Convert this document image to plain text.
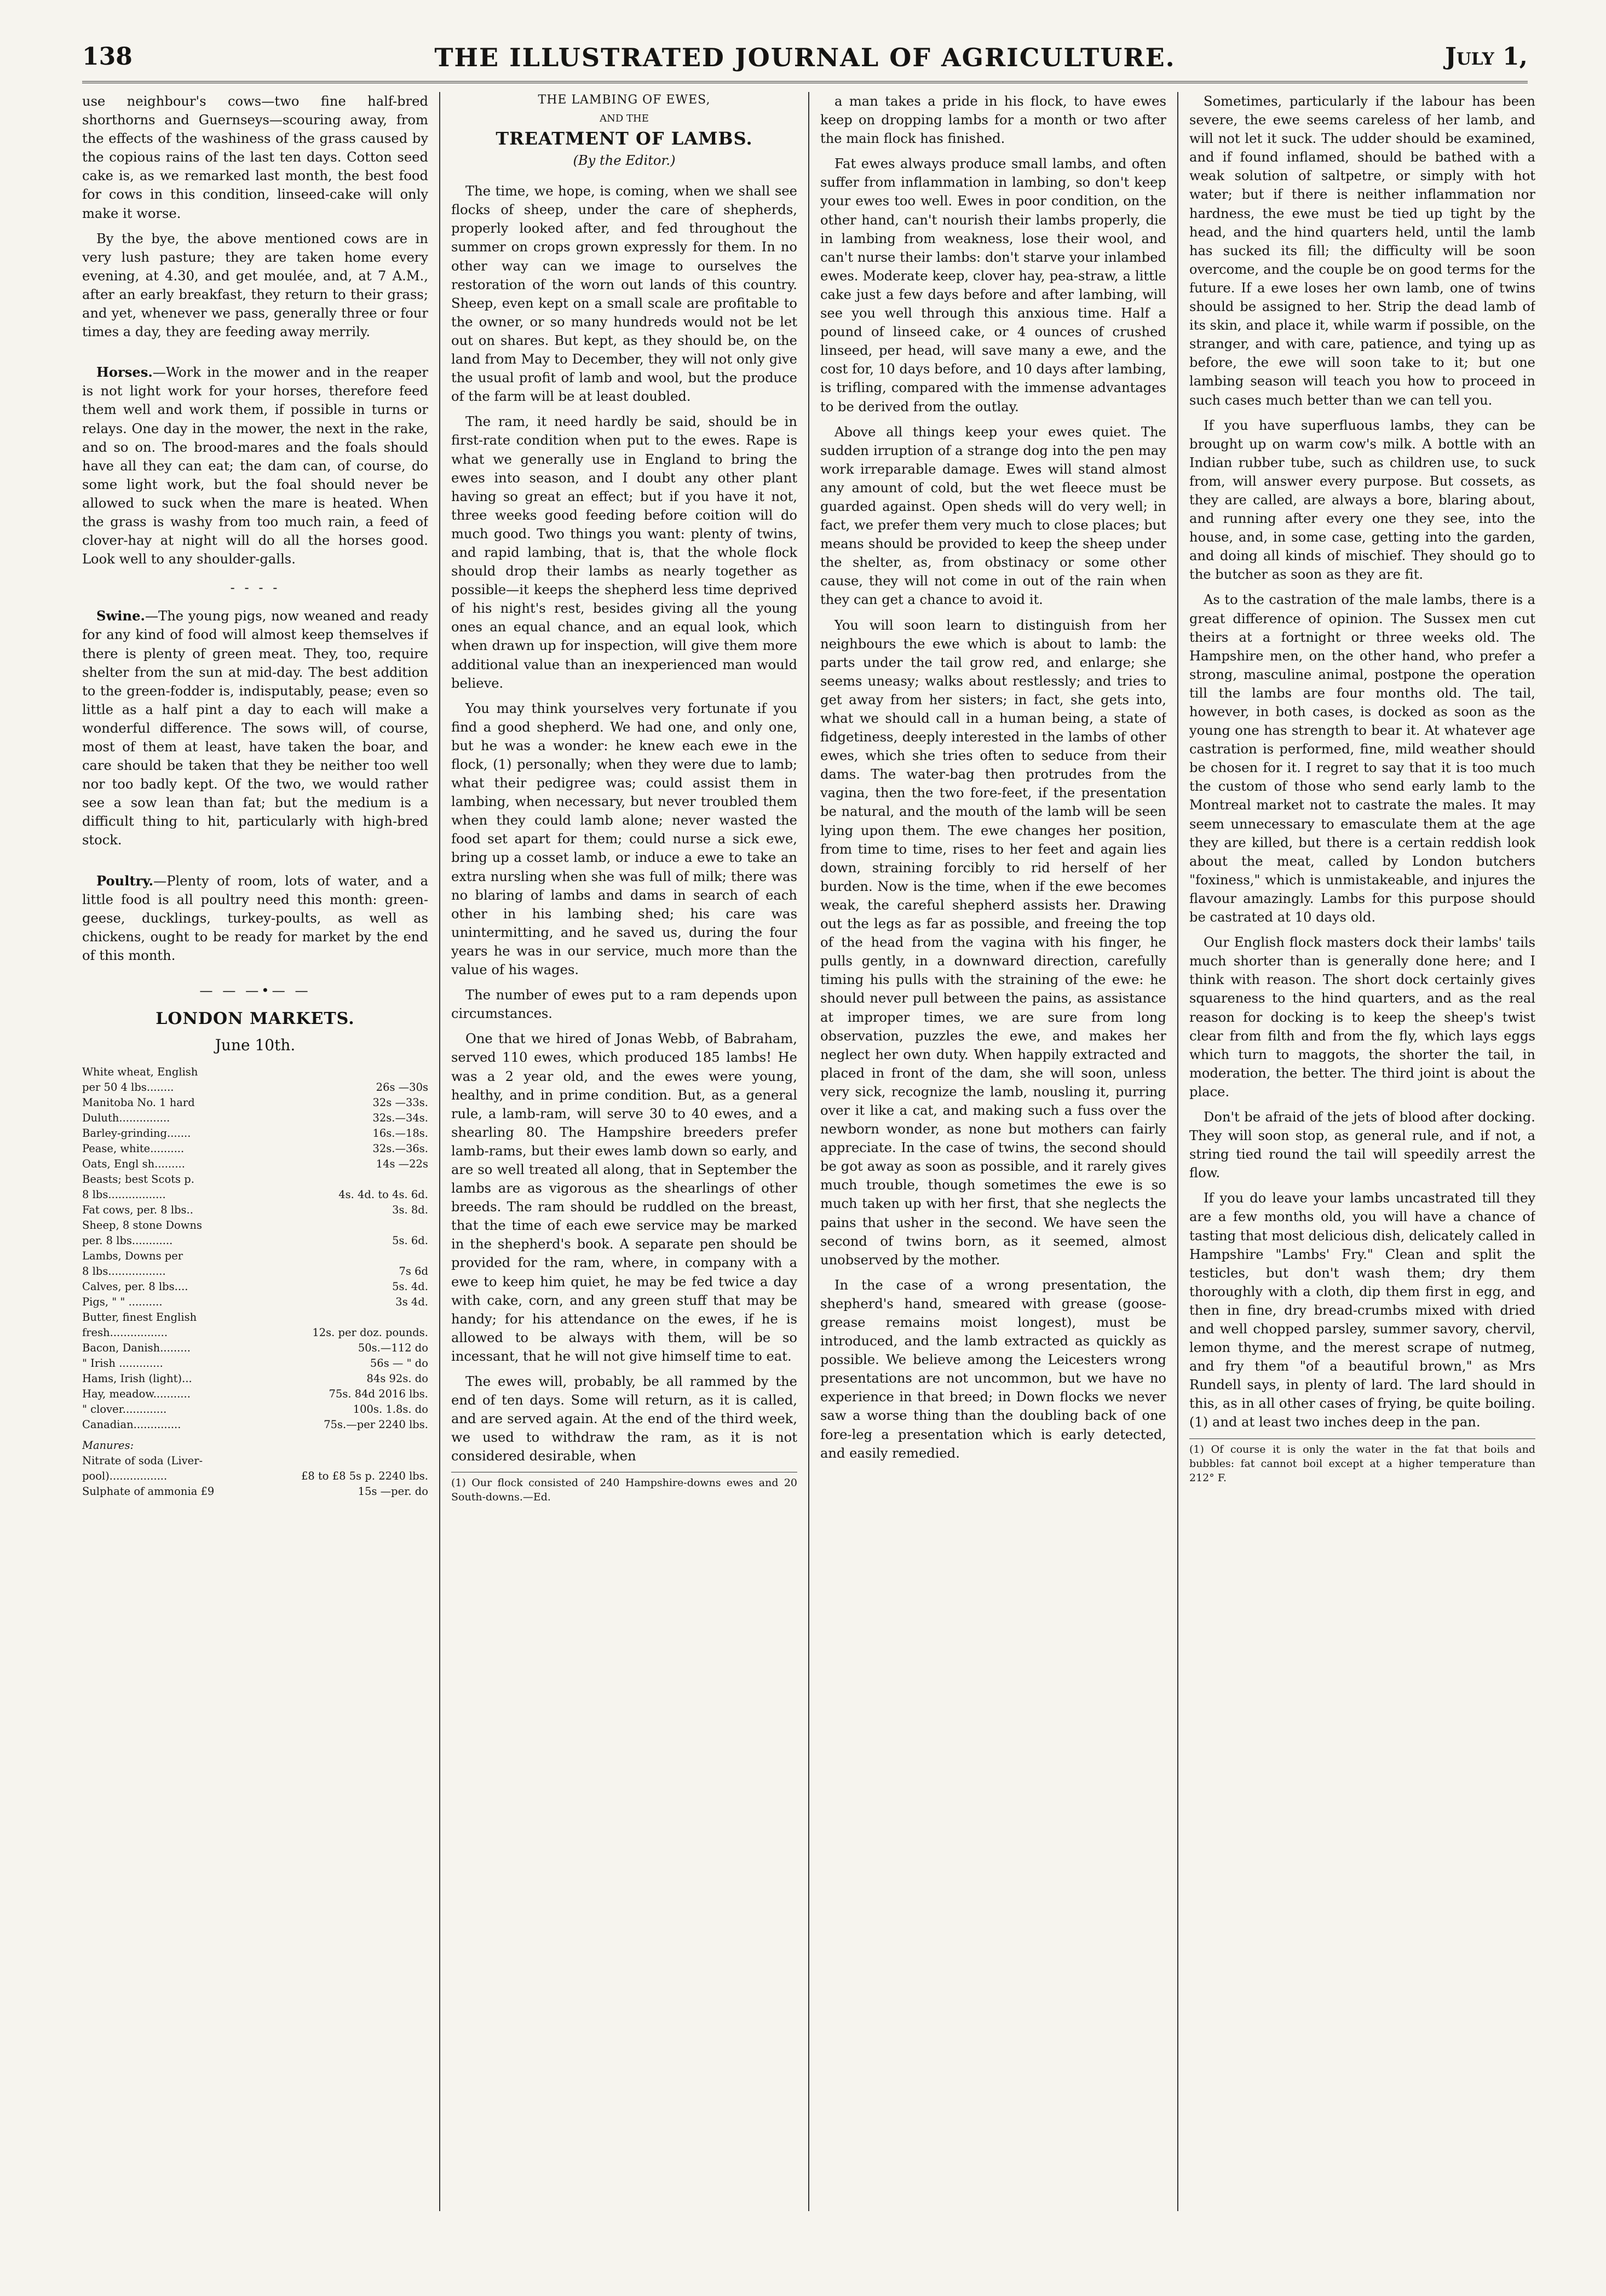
138	THE ILLUSTRATED JOURNAL OF AGRICULTURE.	July 1,

use neighbour's cows—two fine half-bred shorthorns and Guernseys—scouring away, from the effects of the washiness of the grass caused by the copious rains of the last ten days. Cotton seed cake is, as we remarked last month, the best food for cows in this condition, linseed-cake will only make it worse.

By the bye, the above mentioned cows are in very lush pasture; they are taken home every evening, at 4.30, and get moulée, and, at 7 A.M., after an early breakfast, they return to their grass; and yet, whenever we pass, generally three or four times a day, they are feeding away merrily.

Horses.—Work in the mower and in the reaper is not light work for your horses, therefore feed them well and work them, if possible in turns or relays. One day in the mower, the next in the rake, and so on. The brood-mares and the foals should have all they can eat; the dam can, of course, do some light work, but the foal should never be allowed to suck when the mare is heated. When the grass is washy from too much rain, a feed of clover-hay at night will do all the horses good. Look well to any shoulder-galls.

- - - -

Swine.—The young pigs, now weaned and ready for any kind of food will almost keep themselves if there is plenty of green meat. They, too, require shelter from the sun at mid-day. The best addition to the green-fodder is, indisputably, pease; even so little as a half pint a day to each will make a wonderful difference. The sows will, of course, most of them at least, have taken the boar, and care should be taken that they be neither too well nor too badly kept. Of the two, we would rather see a sow lean than fat; but the medium is a difficult thing to hit, particularly with high-bred stock.

Poultry.—Plenty of room, lots of water, and a little food is all poultry need this month: green-geese, ducklings, turkey-poults, as well as chickens, ought to be ready for market by the end of this month.

— — —•— —
LONDON MARKETS.
June 10th.
White wheat, English
per 50 4 lbs........	26s —30s
Manitoba No. 1 hard	32s —33s.
Duluth...............	32s.—34s.
Barley-grinding.......	16s.—18s.
Pease, white..........	32s.—36s.
Oats, Engl sh.........	14s —22s
Beasts; best Scots p.
8 lbs.................	4s. 4d. to 4s. 6d.
Fat cows, per. 8 lbs..	3s. 8d.
Sheep, 8 stone Downs
per. 8 lbs............	5s. 6d.
Lambs, Downs per
8 lbs.................	7s 6d
Calves, per. 8 lbs....	5s. 4d.
Pigs, " " ..........	3s 4d.
Butter, finest English
fresh.................	12s. per doz. pounds.
Bacon, Danish.........	50s.—112 do
" Irish .............	56s — " do
Hams, Irish (light)...	84s 92s. do
Hay, meadow...........	75s. 84d 2016 lbs.
" clover.............	100s. 1.8s. do
Canadian..............	75s.—per 2240 lbs.
Manures:
Nitrate of soda (Liver-
pool).................	£8 to £8 5s p. 2240 lbs.
Sulphate of ammonia £9	15s —per. do
THE LAMBING OF EWES,
AND THE
TREATMENT OF LAMBS.
(By the Editor.)

The time, we hope, is coming, when we shall see flocks of sheep, under the care of shepherds, properly looked after, and fed throughout the summer on crops grown expressly for them. In no other way can we image to ourselves the restoration of the worn out lands of this country. Sheep, even kept on a small scale are profitable to the owner, or so many hundreds would not be let out on shares. But kept, as they should be, on the land from May to December, they will not only give the usual profit of lamb and wool, but the produce of the farm will be at least doubled.

The ram, it need hardly be said, should be in first-rate condition when put to the ewes. Rape is what we generally use in England to bring the ewes into season, and I doubt any other plant having so great an effect; but if you have it not, three weeks good feeding before coition will do much good. Two things you want: plenty of twins, and rapid lambing, that is, that the whole flock should drop their lambs as nearly together as possible—it keeps the shepherd less time deprived of his night's rest, besides giving all the young ones an equal chance, and an equal look, which when drawn up for inspection, will give them more additional value than an inexperienced man would believe.

You may think yourselves very fortunate if you find a good shepherd. We had one, and only one, but he was a wonder: he knew each ewe in the flock, (1) personally; when they were due to lamb; what their pedigree was; could assist them in lambing, when necessary, but never troubled them when they could lamb alone; never wasted the food set apart for them; could nurse a sick ewe, bring up a cosset lamb, or induce a ewe to take an extra nursling when she was full of milk; there was no blaring of lambs and dams in search of each other in his lambing shed; his care was unintermitting, and he saved us, during the four years he was in our service, much more than the value of his wages.

The number of ewes put to a ram depends upon circumstances.

One that we hired of Jonas Webb, of Babraham, served 110 ewes, which produced 185 lambs! He was a 2 year old, and the ewes were young, healthy, and in prime condition. But, as a general rule, a lamb-ram, will serve 30 to 40 ewes, and a shearling 80. The Hampshire breeders prefer lamb-rams, but their ewes lamb down so early, and are so well treated all along, that in September the lambs are as vigorous as the shearlings of other breeds. The ram should be ruddled on the breast, that the time of each ewe service may be marked in the shepherd's book. A separate pen should be provided for the ram, where, in company with a ewe to keep him quiet, he may be fed twice a day with cake, corn, and any green stuff that may be handy; for his attendance on the ewes, if he is allowed to be always with them, will be so incessant, that he will not give himself time to eat.

The ewes will, probably, be all rammed by the end of ten days. Some will return, as it is called, and are served again. At the end of the third week, we used to withdraw the ram, as it is not considered desirable, when

(1) Our flock consisted of 240 Hampshire-downs ewes and 20 South-downs.—Ed.

a man takes a pride in his flock, to have ewes keep on dropping lambs for a month or two after the main flock has finished.

Fat ewes always produce small lambs, and often suffer from inflammation in lambing, so don't keep your ewes too well. Ewes in poor condition, on the other hand, can't nourish their lambs properly, die in lambing from weakness, lose their wool, and can't nurse their lambs: don't starve your inlambed ewes. Moderate keep, clover hay, pea-straw, a little cake just a few days before and after lambing, will see you well through this anxious time. Half a pound of linseed cake, or 4 ounces of crushed linseed, per head, will save many a ewe, and the cost for, 10 days before, and 10 days after lambing, is trifling, compared with the immense advantages to be derived from the outlay.

Above all things keep your ewes quiet. The sudden irruption of a strange dog into the pen may work irreparable damage. Ewes will stand almost any amount of cold, but the wet fleece must be guarded against. Open sheds will do very well; in fact, we prefer them very much to close places; but means should be provided to keep the sheep under the shelter, as, from obstinacy or some other cause, they will not come in out of the rain when they can get a chance to avoid it.

You will soon learn to distinguish from her neighbours the ewe which is about to lamb: the parts under the tail grow red, and enlarge; she seems uneasy; walks about restlessly; and tries to get away from her sisters; in fact, she gets into, what we should call in a human being, a state of fidgetiness, deeply interested in the lambs of other ewes, which she tries often to seduce from their dams. The water-bag then protrudes from the vagina, then the two fore-feet, if the presentation be natural, and the mouth of the lamb will be seen lying upon them. The ewe changes her position, from time to time, rises to her feet and again lies down, straining forcibly to rid herself of her burden. Now is the time, when if the ewe becomes weak, the careful shepherd assists her. Drawing out the legs as far as possible, and freeing the top of the head from the vagina with his finger, he pulls gently, in a downward direction, carefully timing his pulls with the straining of the ewe: he should never pull between the pains, as assistance at improper times, we are sure from long observation, puzzles the ewe, and makes her neglect her own duty. When happily extracted and placed in front of the dam, she will soon, unless very sick, recognize the lamb, nousling it, purring over it like a cat, and making such a fuss over the newborn wonder, as none but mothers can fairly appreciate. In the case of twins, the second should be got away as soon as possible, and it rarely gives much trouble, though sometimes the ewe is so much taken up with her first, that she neglects the pains that usher in the second. We have seen the second of twins born, as it seemed, almost unobserved by the mother.

In the case of a wrong presentation, the shepherd's hand, smeared with grease (goose-grease remains moist longest), must be introduced, and the lamb extracted as quickly as possible. We believe among the Leicesters wrong presentations are not uncommon, but we have no experience in that breed; in Down flocks we never saw a worse thing than the doubling back of one fore-leg a presentation which is early detected, and easily remedied.

Sometimes, particularly if the labour has been severe, the ewe seems careless of her lamb, and will not let it suck. The udder should be examined, and if found inflamed, should be bathed with a weak solution of saltpetre, or simply with hot water; but if there is neither inflammation nor hardness, the ewe must be tied up tight by the head, and the hind quarters held, until the lamb has sucked its fill; the difficulty will be soon overcome, and the couple be on good terms for the future. If a ewe loses her own lamb, one of twins should be assigned to her. Strip the dead lamb of its skin, and place it, while warm if possible, on the stranger, and with care, patience, and tying up as before, the ewe will soon take to it; but one lambing season will teach you how to proceed in such cases much better than we can tell you.

If you have superfluous lambs, they can be brought up on warm cow's milk. A bottle with an Indian rubber tube, such as children use, to suck from, will answer every purpose. But cossets, as they are called, are always a bore, blaring about, and running after every one they see, into the house, and, in some case, getting into the garden, and doing all kinds of mischief. They should go to the butcher as soon as they are fit.

As to the castration of the male lambs, there is a great difference of opinion. The Sussex men cut theirs at a fortnight or three weeks old. The Hampshire men, on the other hand, who prefer a strong, masculine animal, postpone the operation till the lambs are four months old. The tail, however, in both cases, is docked as soon as the young one has strength to bear it. At whatever age castration is performed, fine, mild weather should be chosen for it. I regret to say that it is too much the custom of those who send early lamb to the Montreal market not to castrate the males. It may seem unnecessary to emasculate them at the age they are killed, but there is a certain reddish look about the meat, called by London butchers "foxiness," which is unmistakeable, and injures the flavour amazingly. Lambs for this purpose should be castrated at 10 days old.

Our English flock masters dock their lambs' tails much shorter than is generally done here; and I think with reason. The short dock certainly gives squareness to the hind quarters, and as the real reason for docking is to keep the sheep's twist clear from filth and from the fly, which lays eggs which turn to maggots, the shorter the tail, in moderation, the better. The third joint is about the place.

Don't be afraid of the jets of blood after docking. They will soon stop, as general rule, and if not, a string tied round the tail will speedily arrest the flow.

If you do leave your lambs uncastrated till they are a few months old, you will have a chance of tasting that most delicious dish, delicately called in Hampshire "Lambs' Fry." Clean and split the testicles, but don't wash them; dry them thoroughly with a cloth, dip them first in egg, and then in fine, dry bread-crumbs mixed with dried and well chopped parsley, summer savory, chervil, lemon thyme, and the merest scrape of nutmeg, and fry them "of a beautiful brown," as Mrs Rundell says, in plenty of lard. The lard should in this, as in all other cases of frying, be quite boiling. (1) and at least two inches deep in the pan.

(1) Of course it is only the water in the fat that boils and bubbles: fat cannot boil except at a higher temperature than 212° F.
